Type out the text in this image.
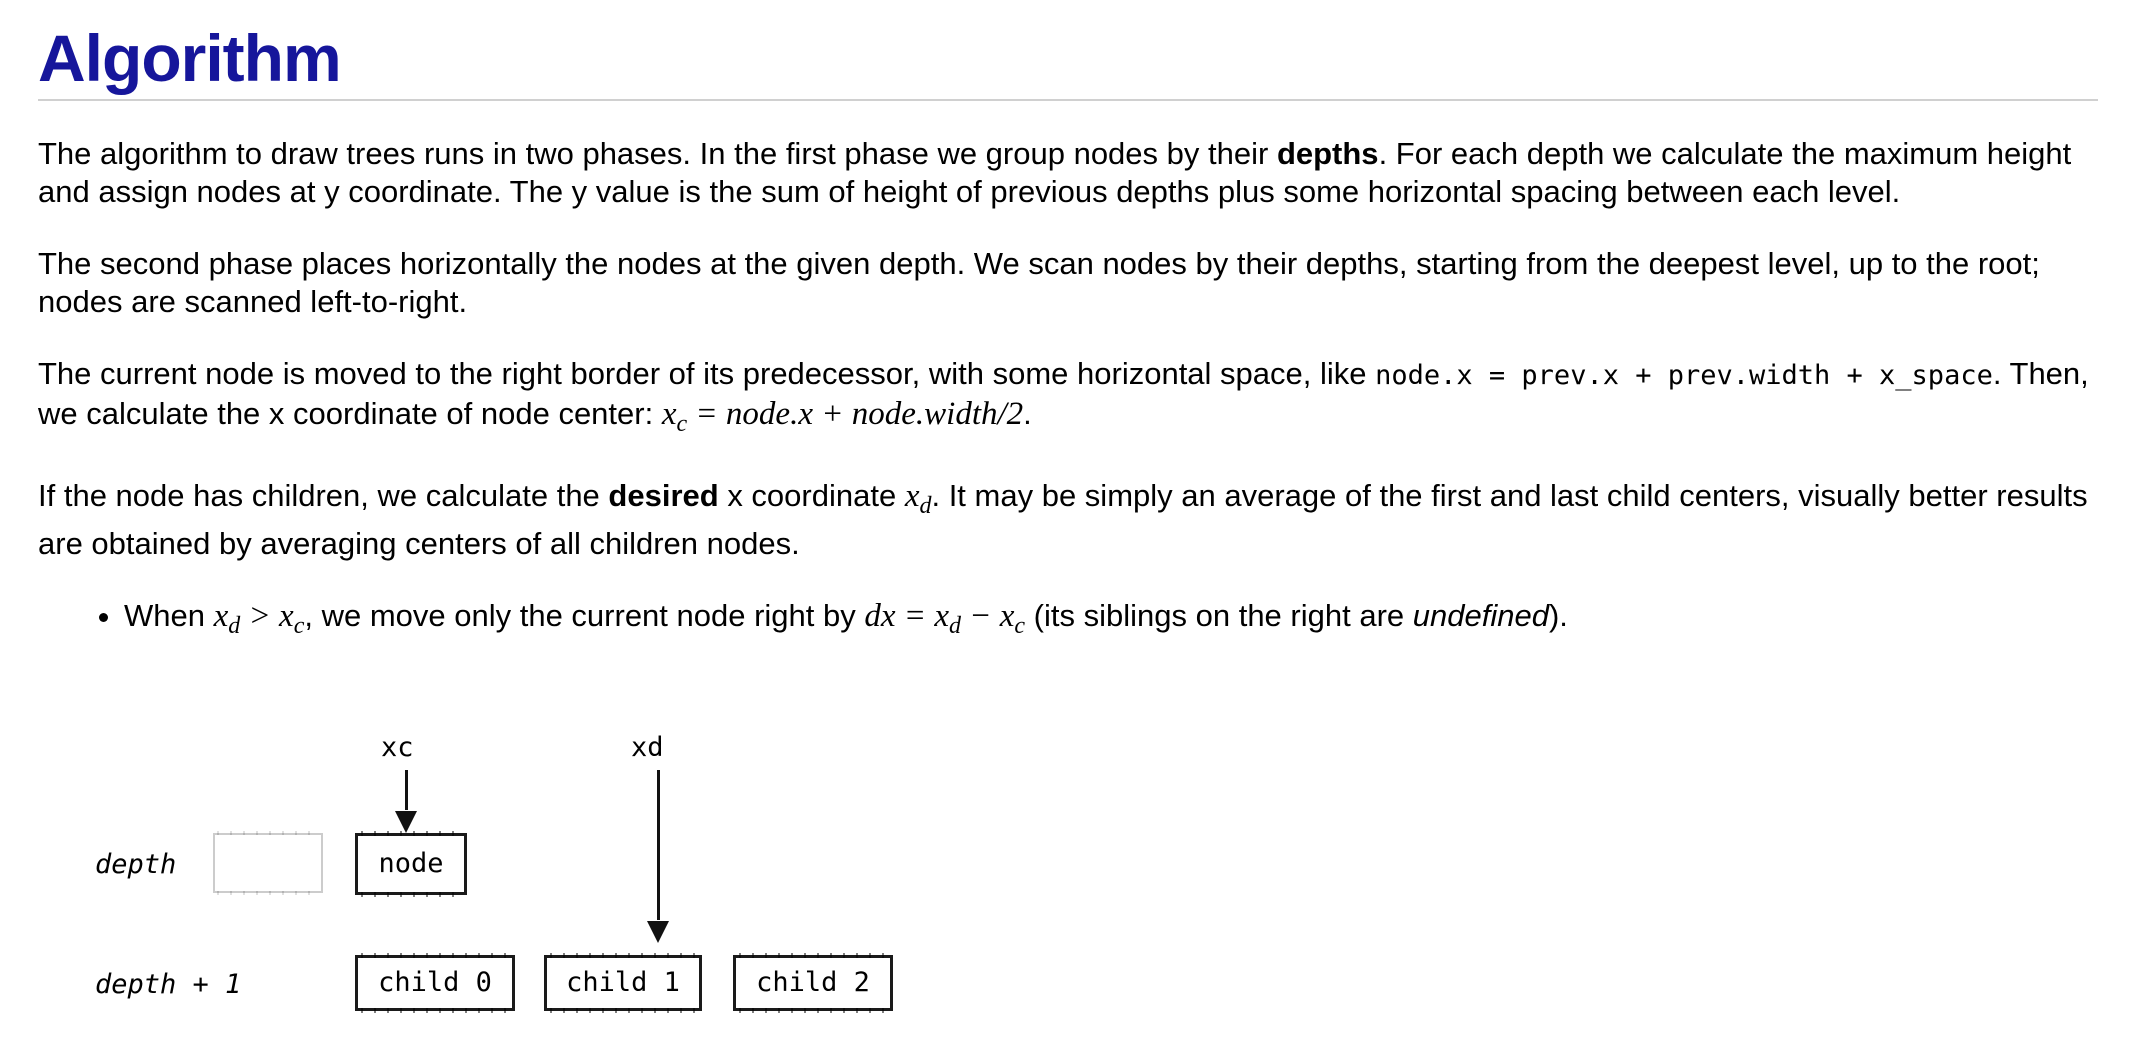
Algorithm

The algorithm to draw trees runs in two phases. In the first phase we group nodes by their depths. For each depth we calculate the maximum height and assign nodes at y coordinate. The y value is the sum of height of previous depths plus some horizontal spacing between each level.

The second phase places horizontally the nodes at the given depth. We scan nodes by their depths, starting from the deepest level, up to the root; nodes are scanned left-to-right.

The current node is moved to the right border of its predecessor, with some horizontal space, like node.x = prev.x + prev.width + x_space. Then, we calculate the x coordinate of node center: $x_c$ = node.x + node.width/2.

If the node has children, we calculate the desired x coordinate $x_d$. It may be simply an average of the first and last child centers, visually better results are obtained by averaging centers of all children nodes.

• When $x_d > x_c$, we move only the current node right by dx = $x_d - x_c$ (its siblings on the right are undefined).
xc	xd
depth
depth + 1
node
child 0	child 1	child 2
